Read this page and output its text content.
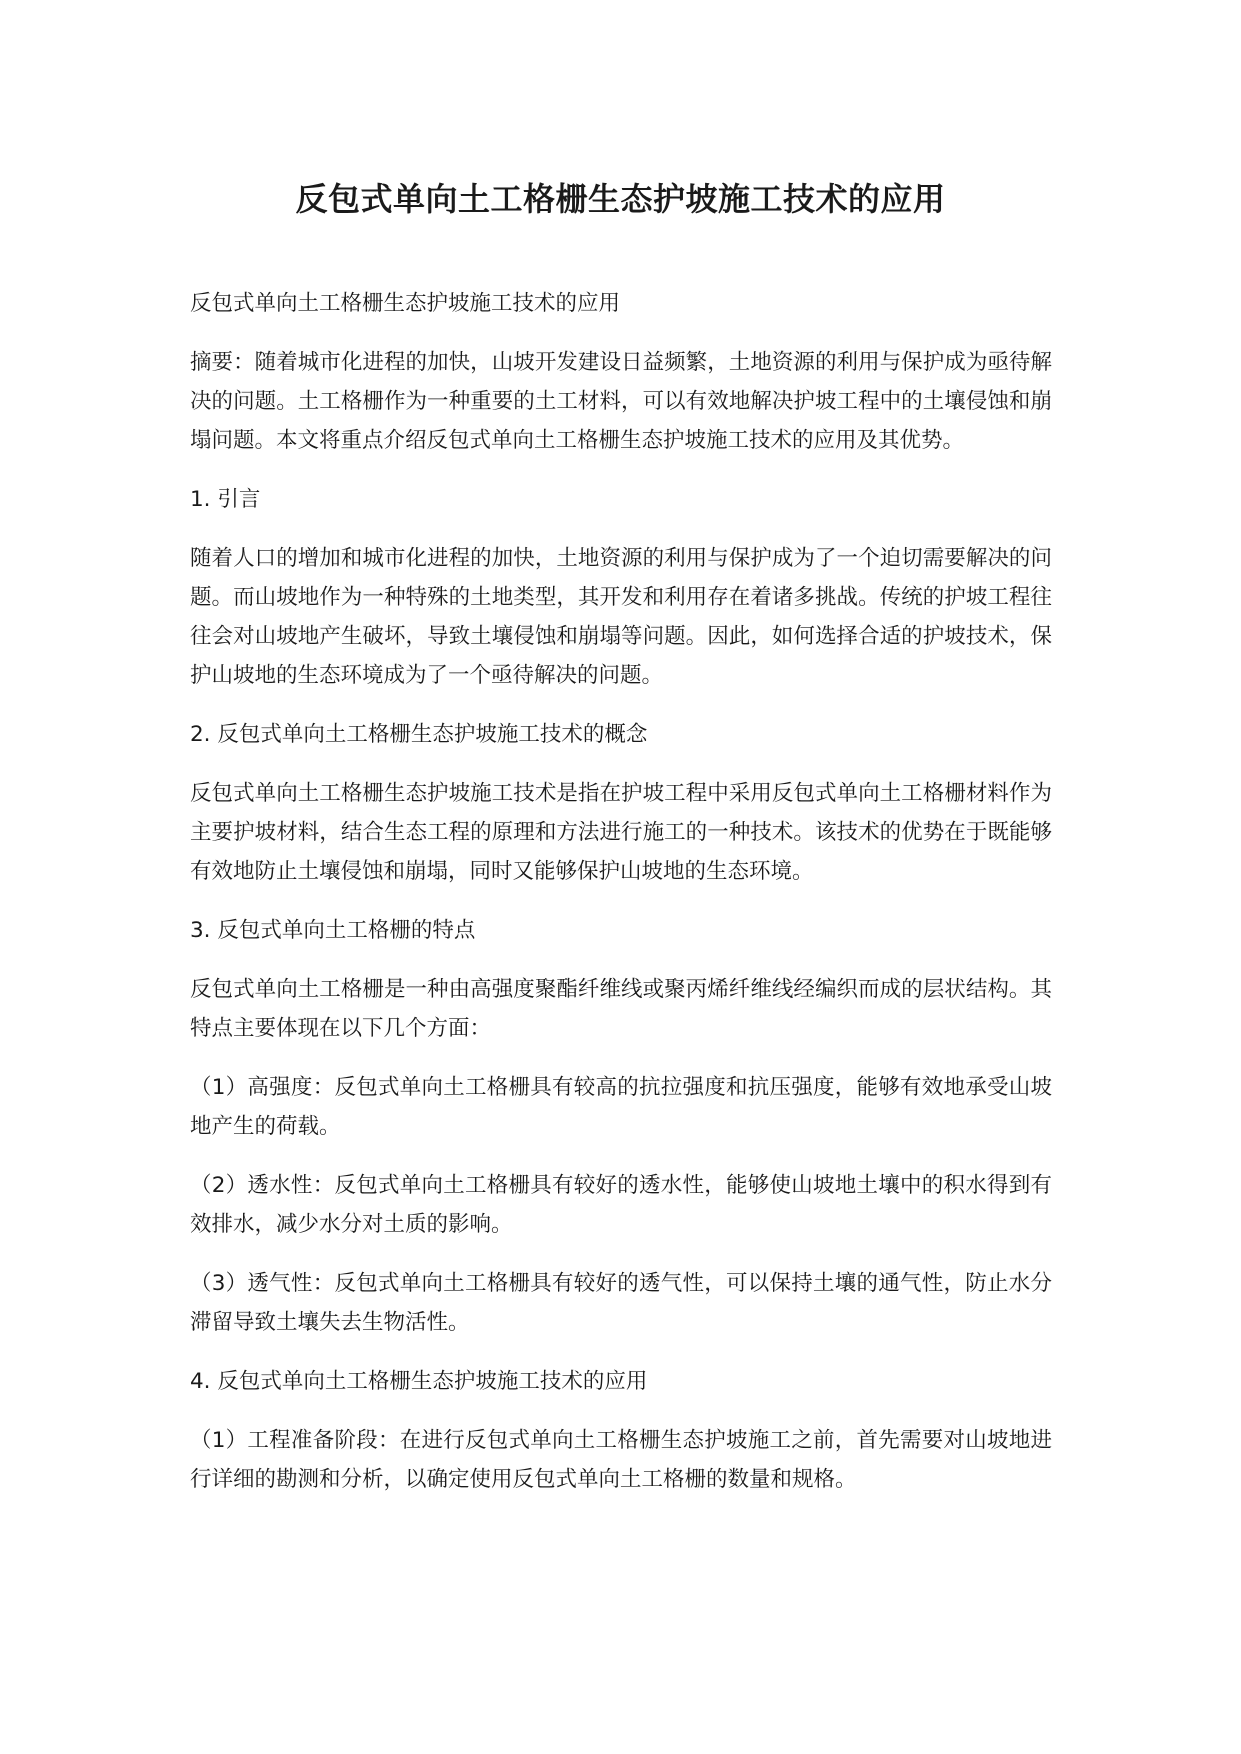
反包式单向土工格栅生态护坡施工技术的应用

反包式单向土工格栅生态护坡施工技术的应用

摘要：随着城市化进程的加快，山坡开发建设日益频繁，土地资源的利用与保护成为亟待解决的问题。土工格栅作为一种重要的土工材料，可以有效地解决护坡工程中的土壤侵蚀和崩塌问题。本文将重点介绍反包式单向土工格栅生态护坡施工技术的应用及其优势。

1. 引言

随着人口的增加和城市化进程的加快，土地资源的利用与保护成为了一个迫切需要解决的问题。而山坡地作为一种特殊的土地类型，其开发和利用存在着诸多挑战。传统的护坡工程往往会对山坡地产生破坏，导致土壤侵蚀和崩塌等问题。因此，如何选择合适的护坡技术，保护山坡地的生态环境成为了一个亟待解决的问题。

2. 反包式单向土工格栅生态护坡施工技术的概念

反包式单向土工格栅生态护坡施工技术是指在护坡工程中采用反包式单向土工格栅材料作为主要护坡材料，结合生态工程的原理和方法进行施工的一种技术。该技术的优势在于既能够有效地防止土壤侵蚀和崩塌，同时又能够保护山坡地的生态环境。

3. 反包式单向土工格栅的特点

反包式单向土工格栅是一种由高强度聚酯纤维线或聚丙烯纤维线经编织而成的层状结构。其特点主要体现在以下几个方面：

（1）高强度：反包式单向土工格栅具有较高的抗拉强度和抗压强度，能够有效地承受山坡地产生的荷载。

（2）透水性：反包式单向土工格栅具有较好的透水性，能够使山坡地土壤中的积水得到有效排水，减少水分对土质的影响。

（3）透气性：反包式单向土工格栅具有较好的透气性，可以保持土壤的通气性，防止水分滞留导致土壤失去生物活性。

4. 反包式单向土工格栅生态护坡施工技术的应用

（1）工程准备阶段：在进行反包式单向土工格栅生态护坡施工之前，首先需要对山坡地进行详细的勘测和分析，以确定使用反包式单向土工格栅的数量和规格。
